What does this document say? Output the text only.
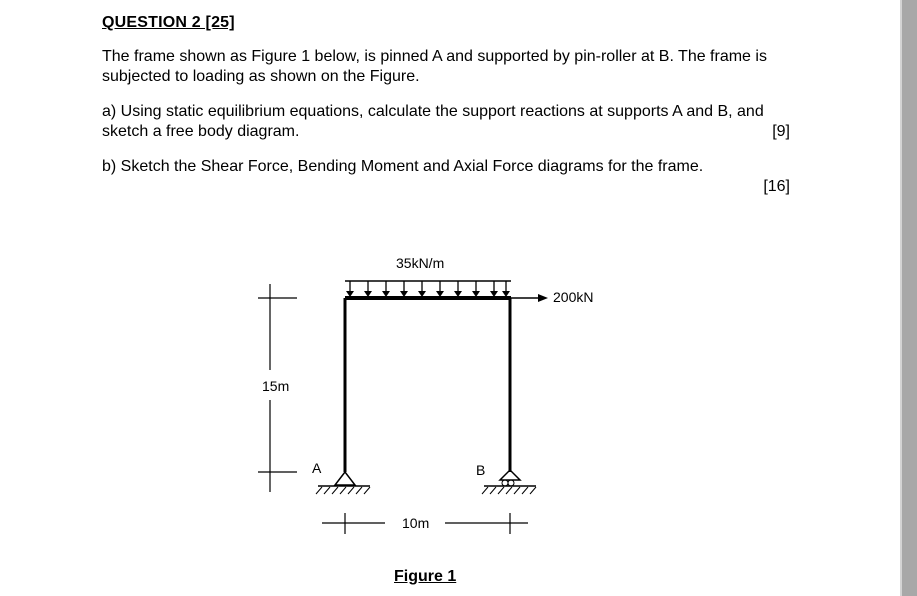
QUESTION 2 [25]
The frame shown as Figure 1 below, is pinned A and supported by pin-roller at B. The frame is subjected to loading as shown on the Figure.
a) Using static equilibrium equations, calculate the support reactions at supports A and B, and sketch a free body diagram.	[9]
b) Sketch the Shear Force, Bending Moment and Axial Force diagrams for the frame.
[16]
35kN/m
200kN
15m
A	B
10m
Figure 1
